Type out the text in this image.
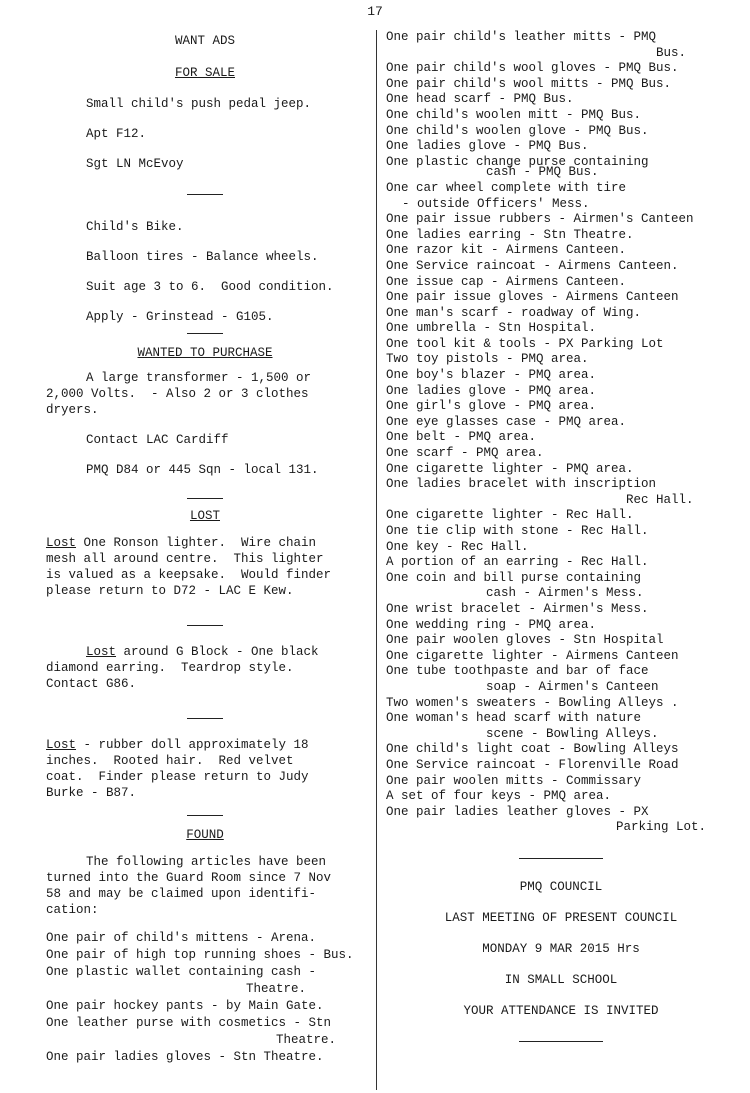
17
WANT ADS
FOR SALE
Small child's push pedal jeep.
Apt F12.
Sgt LN McEvoy
Child's Bike.
Balloon tires - Balance wheels.
Suit age 3 to 6.  Good condition.
Apply - Grinstead - G105.
WANTED TO PURCHASE
A large transformer - 1,500 or
2,000 Volts.  - Also 2 or 3 clothes
dryers.
Contact LAC Cardiff
PMQ D84 or 445 Sqn - local 131.
LOST
Lost One Ronson lighter.  Wire chain
mesh all around centre.  This lighter
is valued as a keepsake.  Would finder
please return to D72 - LAC E Kew.
Lost around G Block - One black
diamond earring.  Teardrop style.
Contact G86.
Lost - rubber doll approximately 18
inches.  Rooted hair.  Red velvet
coat.  Finder please return to Judy
Burke - B87.
FOUND
The following articles have been
turned into the Guard Room since 7 Nov
58 and may be claimed upon identifi-
cation:
One pair of child's mittens - Arena.
One pair of high top running shoes - Bus.
One plastic wallet containing cash -
Theatre.
One pair hockey pants - by Main Gate.
One leather purse with cosmetics - Stn
Theatre.
One pair ladies gloves - Stn Theatre.
One pair child's leather mitts - PMQ
Bus.
One pair child's wool gloves - PMQ Bus.
One pair child's wool mitts - PMQ Bus.
One head scarf - PMQ Bus.
One child's woolen mitt - PMQ Bus.
One child's woolen glove - PMQ Bus.
One ladies glove - PMQ Bus.
One plastic change purse containing
cash - PMQ Bus.
One car wheel complete with tire
- outside Officers' Mess.
One pair issue rubbers - Airmen's Canteen
One ladies earring - Stn Theatre.
One razor kit - Airmens Canteen.
One Service raincoat - Airmens Canteen.
One issue cap - Airmens Canteen.
One pair issue gloves - Airmens Canteen
One man's scarf - roadway of Wing.
One umbrella - Stn Hospital.
One tool kit & tools - PX Parking Lot
Two toy pistols - PMQ area.
One boy's blazer - PMQ area.
One ladies glove - PMQ area.
One girl's glove - PMQ area.
One eye glasses case - PMQ area.
One belt - PMQ area.
One scarf - PMQ area.
One cigarette lighter - PMQ area.
One ladies bracelet with inscription
Rec Hall.
One cigarette lighter - Rec Hall.
One tie clip with stone - Rec Hall.
One key - Rec Hall.
A portion of an earring - Rec Hall.
One coin and bill purse containing
cash - Airmen's Mess.
One wrist bracelet - Airmen's Mess.
One wedding ring - PMQ area.
One pair woolen gloves - Stn Hospital
One cigarette lighter - Airmens Canteen
One tube toothpaste and bar of face
soap - Airmen's Canteen
Two women's sweaters - Bowling Alleys .
One woman's head scarf with nature
scene - Bowling Alleys.
One child's light coat - Bowling Alleys
One Service raincoat - Florenville Road
One pair woolen mitts - Commissary
A set of four keys - PMQ area.
One pair ladies leather gloves - PX
Parking Lot.
PMQ COUNCIL
LAST MEETING OF PRESENT COUNCIL
MONDAY 9 MAR 2015 Hrs
IN SMALL SCHOOL
YOUR ATTENDANCE IS INVITED
